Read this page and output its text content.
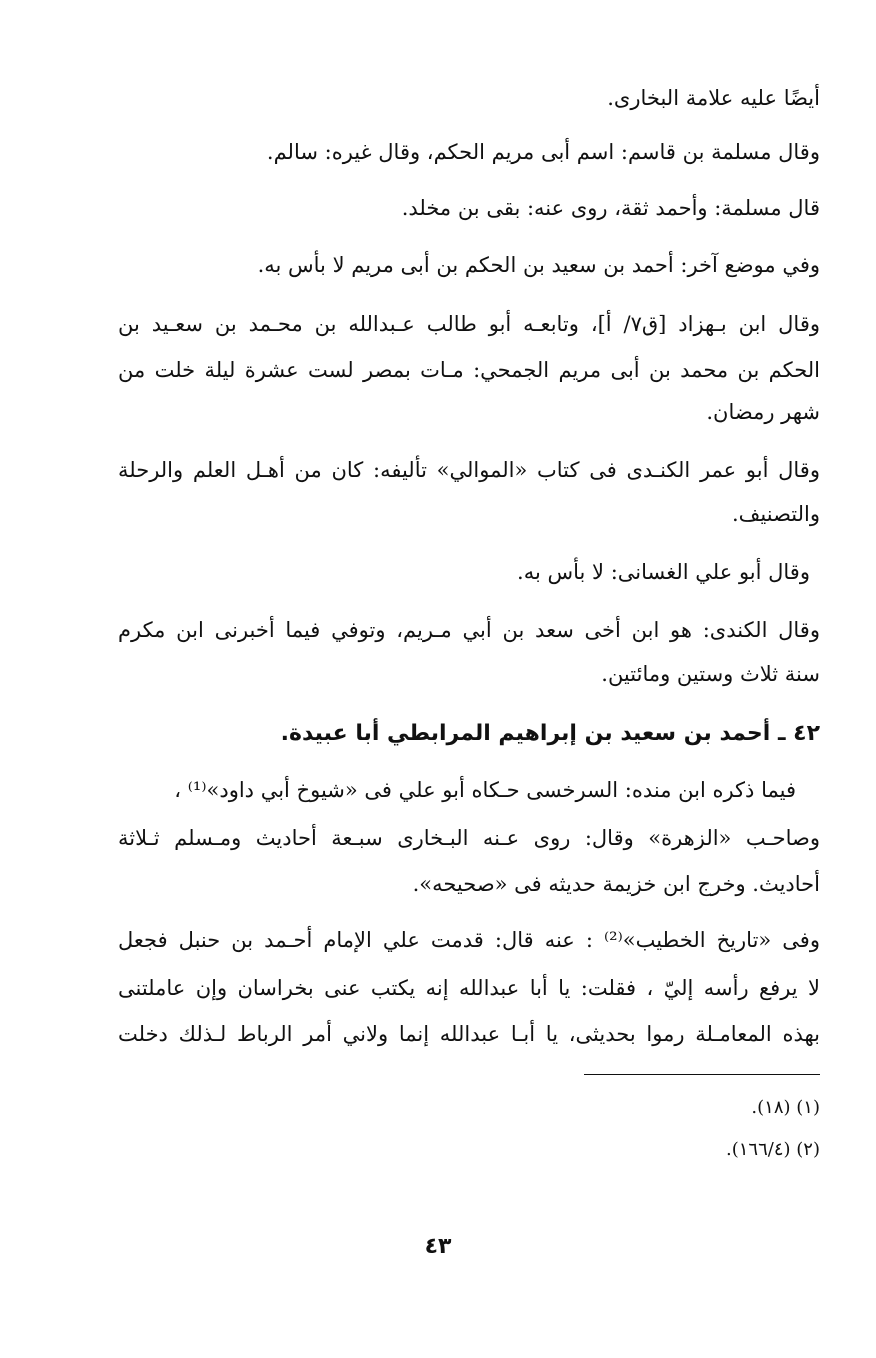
أيضًا عليه علامة البخارى.
وقال مسلمة بن قاسم: اسم أبى مريم الحكم، وقال غيره: سالم.
قال مسلمة: وأحمد ثقة، روى عنه: بقى بن مخلد.
وفي موضع آخر: أحمد بن سعيد بن الحكم بن أبى مريم لا بأس به.
وقال ابن بـهزاد [ق٧/ أ]، وتابعـه أبو طالب عـبدالله بن محـمد بن سعـيد بن
الحكم بن محمد بن أبى مريم الجمحي: مـات بمصر لست عشرة ليلة خلت من
شهر رمضان.
وقال أبو عمر الكنـدى فى كتاب «الموالي» تأليفه: كان من أهـل العلم والرحلة
والتصنيف.
وقال أبو علي الغسانى: لا بأس به.
وقال الكندى: هو ابن أخى سعد بن أبي مـريم، وتوفي فيما أخبرنى ابن مكرم
سنة ثلاث وستين ومائتين.
٤٢ ـ أحمد بن سعيد بن إبراهيم المرابطي أبا عبيدة.
فيما ذكره ابن منده: السرخسى حـكاه أبو علي فى «شيوخ أبي داود»⁽¹⁾ ،
وصاحـب «الزهرة» وقال: روى عـنه البـخارى سبـعة أحاديث ومـسلم ثـلاثة
أحاديث. وخرج ابن خزيمة حديثه فى «صحيحه».
وفى «تاريخ الخطيب»⁽²⁾ : عنه قال: قدمت علي الإمام أحـمد بن حنبل فجعل
لا يرفع رأسه إليّ ، فقلت: يا أبا عبدالله إنه يكتب عنى بخراسان وإن عاملتنى
بهذه المعامـلة رموا بحديثى، يا أبـا عبدالله إنما ولاني أمر الرباط لـذلك دخلت
(١) (١٨).
(٢) (١٦٦/٤).
٤٣
